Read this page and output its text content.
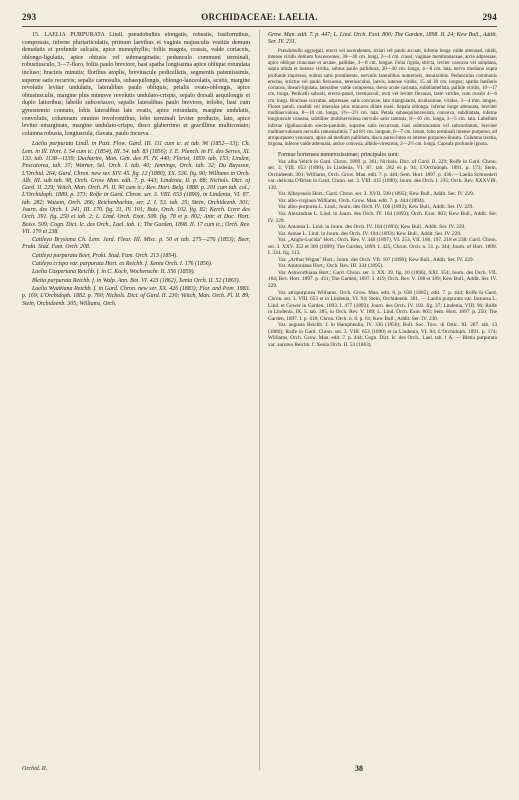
293	ORCHIDACEAE: LAELIA.	294

15. LAELIA PURPURATA Lindl. pseudobulbis elongatis, robustis, fusiformibus, compressis, inferne pluriarticulatis, primum laevibus et vaginis majusculis vestitis demum denudatis et profunde sulcatis, apice monophyllis; foliis magnis, crassis, valde coriaceis, oblongo-ligulatis, apice obtusis vel submarginatis; pedunculo communi terminali, robustiusculo, 3—7-floro, foliis paulo breviore, basi spatha longissima apice oblique rotundata incluso; bracteis minutis; floribus amplis, breviuscule pedicellatis, segmentis patentissimis, superne satis recurvis; sepalis carnosulis, subaequilongis, oblongo-lanceolatis, acutis, margine revolutis leviter undulatis, lateralibus paulo obliquis; petalis ovato-oblongis, apice obtusiusculis, margine plus minusve revolutis undulato-crispis, sepalo dorsali aequilongis et duplo latioribus; labello subcoriaceo, sepalis lateralibus paulo breviore, trilobo, basi cum gynostemio connato, lobis lateralibus late ovatis, apice rotundatis, margine undulatis, convolutis, columnam omnino involventibus, lobo terminali leviter producto, lato, apice leviter emarginato, margine undulato-crispo, disco glaberrimo et gracillime multicostato; columna robusta, longiuscula, clavata, paulo incurva.

Laelia purpurata Lindl. in Paxt. Flow. Gard. III. 111 cum ic. et tab. 96 (1852—53); Ch. Lem. in Ill. Hort. I. 54 cum ic. (1854), III. 54. tab. 83 (1856); J. E. Planch. in Fl. des Serres, XI. 133. tab. 1138—1139; Duchartre, Man. Gén. des Pl. IV. 440; Florist, 1859. tab. 153; Linden, Pescatorea, tab. 37; Warner, Sel. Orch. I. tab. 40; Jennings, Orch. tab. 32; Du Buysson, L'Orchid. 264; Gard. Chron. new ser. XIV. 45. fig. 12 (1880), XX. 536. fig. 90; Williams in Orch. Alb. III. sub tab. 98, Orch. Grow. Man. edit. 7. p. 443; Lindenia, II. p. 88; Nichols. Dict. of Gard. II. 229; Veitch, Man. Orch. Pl. II. 90 cum ic.; Rev. Hort. Belg. 1888. p. 201 cum tab. col.; L'Orchidoph. 1889. p. 373; Rolfe in Gard. Chron. ser. 3. VIII. 653 (1890), in Lindenia, VI. 87. tab. 282; Watson, Orch. 266; Reichenbachia, ser. 2. I. 53. tab. 25; Stein, Orchideenb. 301; Journ. des Orch. I. 241, III. 170. fig. 31, IV. 101; Bois, Orch. 102. fig. 82; Kerch. Livre des Orch. 391. fig. 250 et tab. 2; L. Lind. Orch. Exot. 509. fig. 78 et p. 802; Antr. et Duc. Hort. Boiss. 509; Cogn. Dict. Ic. des Orch., Lael. tab. 1; The Garden, 1898. II. 17 cum ic.; Orch. Rev. VII. 170 et 238.

Cattleya Brysiana Ch. Lem. Jard. Fleur. III. Misc. p. 50 et tab. 275—276 (1853); Beer, Prakt. Stud. Fam. Orch. 208.

Cattleya purpurata Beer, Prakt. Stud. Fam. Orch. 213 (1854).

Cattleya crispa var. purpurata Hort. ex Reichb. f. Xenia Orch. I. 176 (1856).

Laelia Casperiana Reichb. f. in C. Koch, Wochenschr. II. 356 (1859).

Bletia purpurata Reichb. f. in Walp. Ann. Bot. VI. 423 (1862), Xenia Orch. II. 52 (1863).

Laelia Wyattiana Reichb. f. in Gard. Chron. new ser. XX. 426 (1883); Flor. and Pom. 1883. p. 169; L'Orchidoph. 1882. p. 760; Nichols. Dict. of Gard. II. 230; Veitch, Man. Orch. Pl. II. 89; Stein, Orchideenb. 305; Williams, Orch.

Grow. Man. edit. 7. p. 447; L. Lind. Orch. Exot. 806; The Garden, 1898. II. 24; Kew Bull., Addit. Ser. IV. 231.

Pseudobulbi aggregati, erecti vel ascendentes, striati vel paulo arcuati, inferne longe valde attenuati, nitidi, intense viridis demum fuscescentes, 30—40 cm. longi, 2—4 cm. crassi; vaginae membranaceae, arcte adpressae, apice oblique truncatae et acutae, pallidae, 4—8 cm. longae. Folia rigida, stricta, leviter concava vel subplana, supra nitida et intense viridia, subtus paulo pallidiora, 20—40 cm. longa, 4—8 cm. lata, nervo mediano supra profunde impresso, subtus satis prominente, nervulis lateralibus numerosis, tenuissimis. Pedunculus communis erectus, strictus vel paulo flexuosus, teretiusculus, laevis, intense viridis, 15 ad 30 cm. longus; spatha basilaris coriacea, lineari-ligulata, lateraliter valde compressa, dorso acute carinata, subbilamellata, pallide viridis, 10—17 cm. longa. Pedicelli subsoli, erecto-patuli, teretiusculi, recti vel leviter flexuosi, laete virides, cum ovario 4—6 cm. longi. Bracteae curvatae, adpressae, satis concavae, late triangulares, acutissimae, virides, 3—4 mm. longae. Flores patuli, candidi vel intensius plus minusve dilute rosei. Sepala oblonga, inferne longe attenuata, breviter multinervulosa, 8—10 cm. longa, 1½—2½ cm. lata. Petala subaequilanceolata, convexa, subdilatata, inferne longiuscule cuneata, subtiliter multinervulosa nervulis satis ramosis, 8—10 cm. longa, 3—5 cm. lata. Labellum inferne rigidiusculum erecto-patulum, superne satis recurvum, basi subtruncatum vel subcordatum, breviter multinervulosum nervulis ramosissimis, 7 ad 8½ cm. longum, 6—7 cm. latum, lobo terminali intense purpureo, ad atropurpureo venosum, apice ad medium pallidum, disco aureo-luteo et intense purpureo-lineato. Columna teretia, trigona, inferne valde attenuata, antice convexa, albido-virescens, 2—2½ cm. longa. Capsula profunde ignota.

Formae hortenses numerosissimae; principales sunt:

Var. alba Veitch in Gard. Chron. 1889. p. 361; Nichols. Dict. of Gard. II. 229; Rolfe in Gard. Chron. ser. 3. VIII. 653 (1890), in Lindenia, VI. 87. tab. 282 et p. 94; L'Orchidoph. 1891. p. 173; Stein, Orchideenb. 301; Williams, Orch. Grow. Man. edit. 7. p. 444; Sem. Hort. 1897. p. 430.— Laelia Schroederi var. delicata O'Brien in Gard. Chron. ser. 3. VIII. 415 (1890); Journ. des Orch. I. 235; Orch. Rev. XXXVIII. 139.

Var. Albayensis Hort.; Gard. Chron. ser. 3. XVII. 590 (1895); Kew Bull., Addit. Ser. IV. 229.

Var. albo-virginea Williams, Orch. Grow. Man. edit. 7. p. 444 (1894).

Var. albo-purpurea L. Lind.; Journ. des Orch. IV. 106 (1893); Kew Bull., Addit. Ser. IV. 229.

Var. Alexandrae L. Lind. in Journ. des Orch. IV. 104 (1893); Orch. Exot. 802; Kew Bull., Addit. Ser. IV. 229.

Var. Amoena L. Lind. in Journ. des Orch. IV. 104 (1893); Kew Bull., Addit. Ser. IV. 229.

Var. Annae L. Lind. in Journ. des Orch. IV. 104 (1893); Kew Bull., Addit. Ser. IV. 229.

Var. „Anglo-Lucida" Hort.; Orch. Rev. V. 346 (1897), VI. 253, VII. 186, 197. 218 et 238; Gard. Chron. ser. 3. XXV. 352 et 369 (1899); The Garden, 1899. I. 425; Chron. Orch. n. 51. p. 344; Journ. of Hort. 1899. I. 334. fig. 113.

Var. „Arthur Wigan" Hort.; Journ. des Orch. VII. 107 (1896); Kew Bull., Addit. Ser. IV. 229.

Var. Ashtoniana Hort.; Orch. Rev. III. 334 (1895).

Var. Ashworthiana Hort.; Gard. Chron. ser. 3. XX. 39. fig. 10 (1896), XXI. 354; Journ. des Orch. VII. 164; Rev. Hort. 1897. p. 431; The Garden, 1897. I. 419; Orch. Rev. V. 168 et 189; Kew Bull., Addit. Ser. IV. 229.

Var. atropurpurea Williams, Orch. Grow. Man. edit. 6. p. 638 (1885), edit. 7. p. 444; Rolfe in Gard. Chron. ser. 3. VIII. 653 et in Lindenia, VI. 94; Stein, Orchideenb. 301. — Laelia purpurata var. fastuosa L. Lind. et Gower in Garden, 1893. I. 477 (1893); Journ. des Orch. IV. 102. fig. 37; Lindenia, VIII. 96; Rolfe in Lindenia, IX. 5. tab. 385, in Orch. Rev. V. 189; L. Lind. Orch. Exot. 803; Sem. Hort. 1897. p. 250; The Garden, 1897. I. p. 418; Chron. Orch. n. 8. p. 61; Kew Bull., Addit. Ser. IV. 230.

Var. augusta Reichb. f. in Hamphenlia, IV. 336 (1856); Bull. Soc. Tosc. di Ortic. XI. 287. tab. 13 (1886); Rolfe in Gard. Chron. ser. 3. VIII. 653 (1890) et in Lindenia, VI. 94; L'Orchidoph. 1891. p. 174; Williams, Orch. Grow. Man. edit. 7. p. 444; Cogn. Dict. Ic. des Orch., Lael. tab. 1 A. — Bletia purpurata var. aurorea Reichb. f. Xenia Orch. II. 53 (1863).

Orchid. II.	38
